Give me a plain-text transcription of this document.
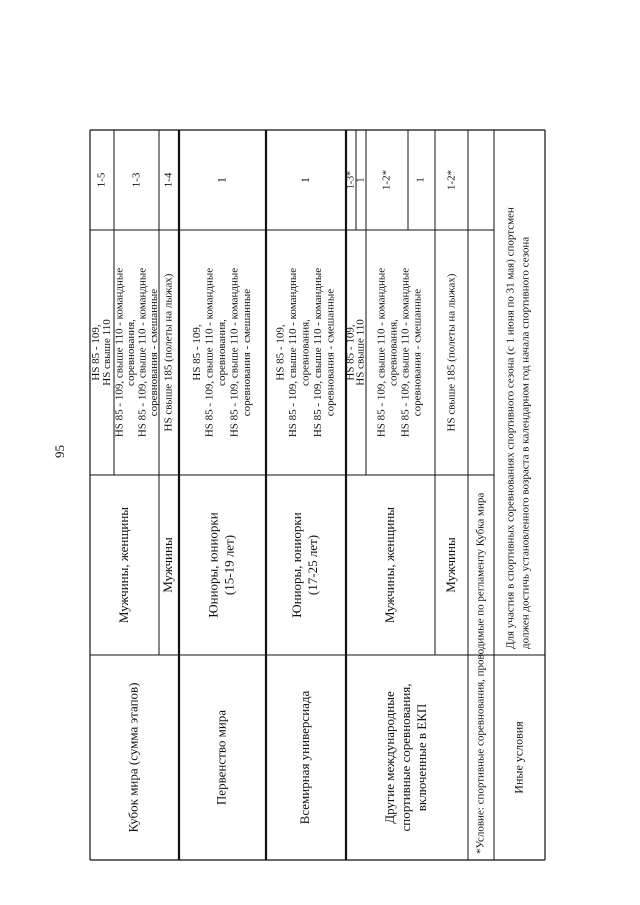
95
Кубок мира (сумма этапов)
Мужчины, женщины Мужчины
HS 85 - 109, HS свыше 110
1-5
HS 85 - 109, свыше 110 - командные соревнования, HS 85 - 109, свыше 110 - командные соревнования - смешанные
1-3
HS свыше 185 (полеты на лыжах)
1-4
Первенство мира
Юниоры, юниорки (15-19 лет)
HS 85 - 109, HS 85 - 109, свыше 110 - командные соревнования, HS 85 - 109, свыше 110 - командные соревнования - смешанные
1
Всемирная универсиада
Юниоры, юниорки (17-25 лет)
HS 85 - 109, HS 85 - 109, свыше 110 - командные соревнования, HS 85 - 109, свыше 110 - командные соревнования - смешанные
1
Другие международные спортивные соревнования, включенные в ЕКП
Мужчины, женщины	Мужчины
HS 85 - 109,
HS свыше 110
1-3* 1
HS 85 - 109, свыше 110 - командные соревнования, HS 85 - 109, свыше 110 - командные соревнования - смешанные
1-2* 1
HS свыше 185 (полеты на лыжах)
1-2*
*Условие: спортивные соревнования, проводимые по регламенту Кубка мира Иные условия
Для участия в спортивных соревнованиях спортивного сезона (с 1 июня по 31 мая) спортсмен должен достичь установленного возраста в календарном год начала спортивного сезона
